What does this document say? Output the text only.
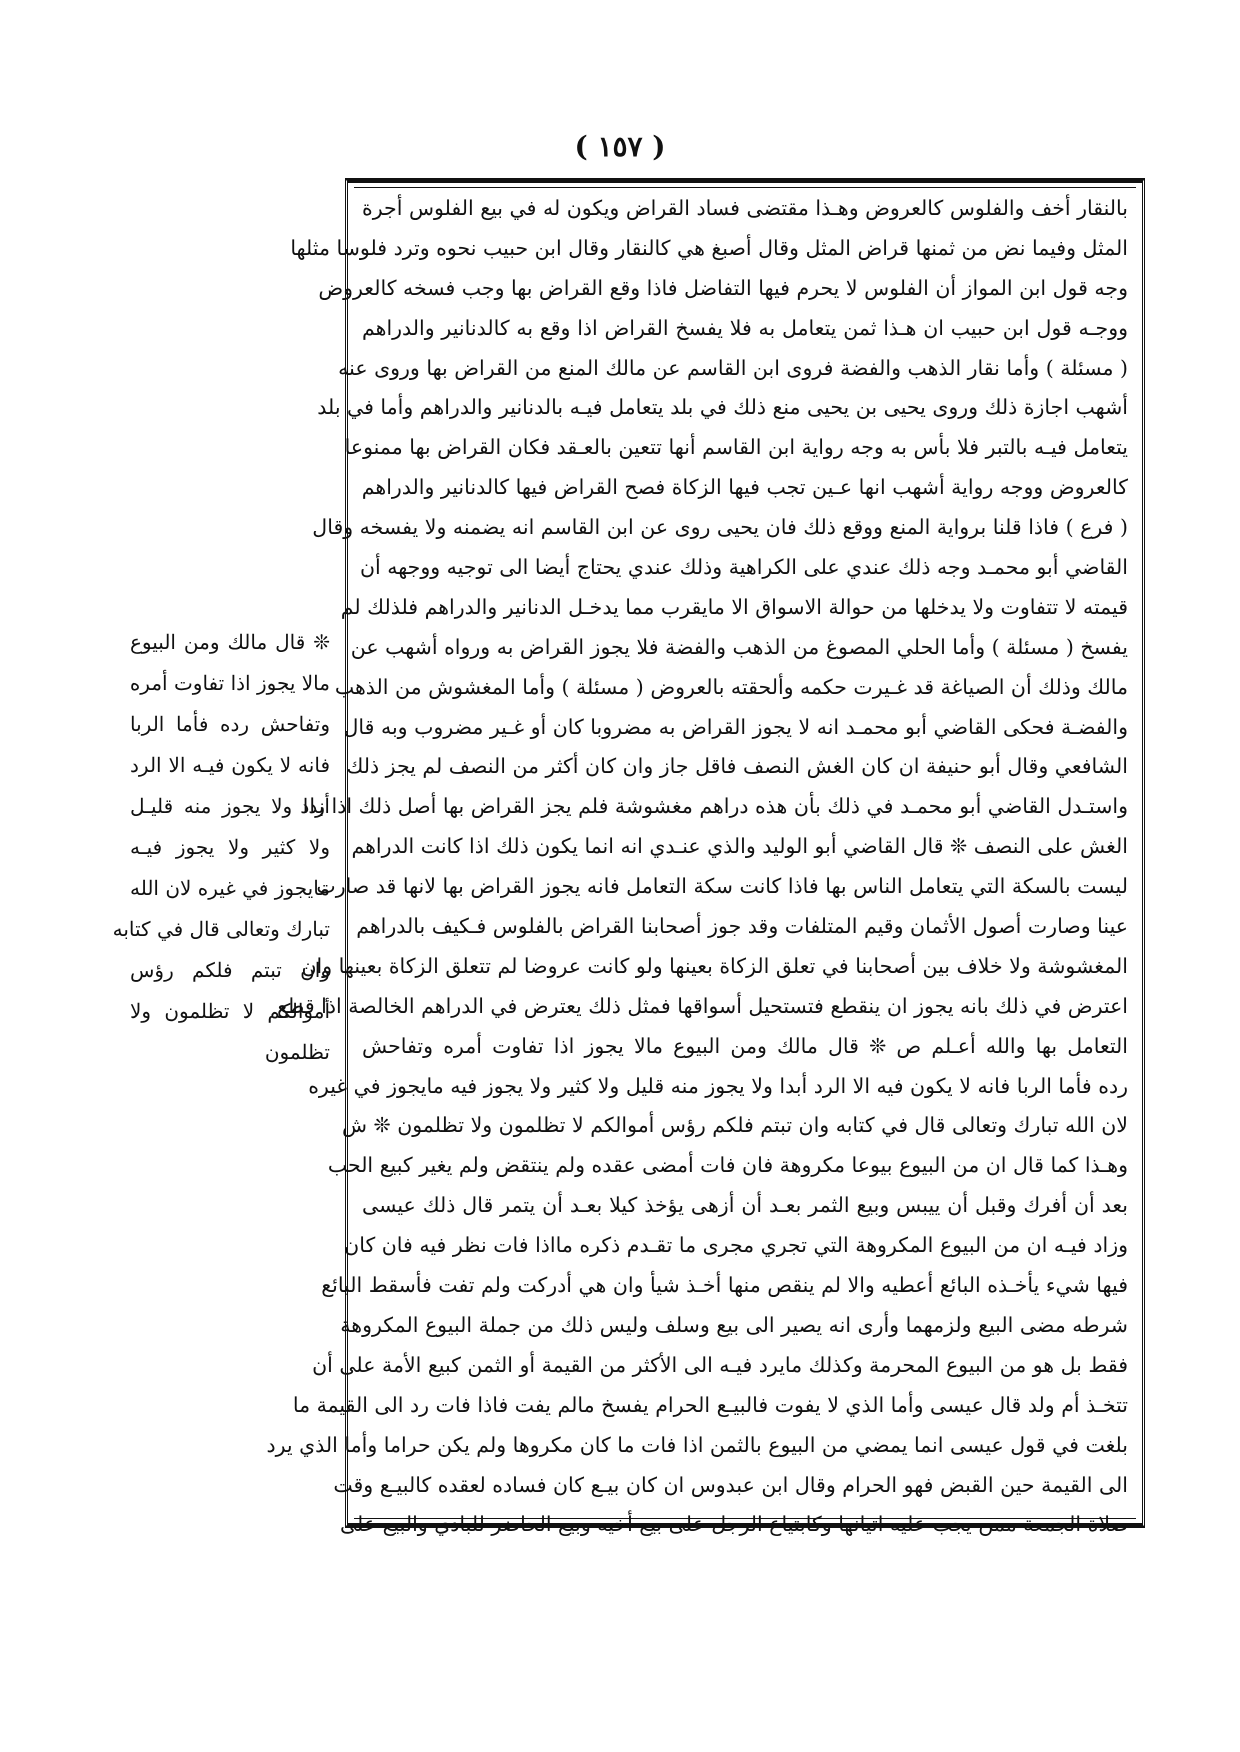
( ١٥٧ )
بالنقار أخف والفلوس كالعروض وهـذا مقتضى فساد القراض ويكون له في بيع الفلوس أجرة
المثل وفيما نض من ثمنها قراض المثل وقال أصبغ هي كالنقار وقال ابن حبيب نحوه وترد فلوسا مثلها
وجه قول ابن المواز أن الفلوس لا يحرم فيها التفاضل فاذا وقع القراض بها وجب فسخه كالعروض
ووجـه قول ابن حبيب ان هـذا ثمن يتعامل به فلا يفسخ القراض اذا وقع به كالدنانير والدراهم
( مسئلة ) وأما نقار الذهب والفضة فروى ابن القاسم عن مالك المنع من القراض بها وروى عنه
أشهب اجازة ذلك وروى يحيى بن يحيى منع ذلك في بلد يتعامل فيـه بالدنانير والدراهم وأما في بلد
يتعامل فيـه بالتبر فلا بأس به وجه رواية ابن القاسم أنها تتعين بالعـقد فكان القراض بها ممنوعا
كالعروض ووجه رواية أشهب انها عـين تجب فيها الزكاة فصح القراض فيها كالدنانير والدراهم
( فرع ) فاذا قلنا برواية المنع ووقع ذلك فان يحيى روى عن ابن القاسم انه يضمنه ولا يفسخه وقال
القاضي أبو محمـد وجه ذلك عندي على الكراهية وذلك عندي يحتاج أيضا الى توجيه ووجهه أن
قيمته لا تتفاوت ولا يدخلها من حوالة الاسواق الا مايقرب مما يدخـل الدنانير والدراهم فلذلك لم
يفسخ ( مسئلة ) وأما الحلي المصوغ من الذهب والفضة فلا يجوز القراض به ورواه أشهب عن
مالك وذلك أن الصياغة قد غـيرت حكمه وألحقته بالعروض ( مسئلة ) وأما المغشوش من الذهب
والفضـة فحكى القاضي أبو محمـد انه لا يجوز القراض به مضروبا كان أو غـير مضروب وبه قال
الشافعي وقال أبو حنيفة ان كان الغش النصف فاقل جاز وان كان أكثر من النصف لم يجز ذلك
واستـدل القاضي أبو محمـد في ذلك بأن هذه دراهم مغشوشة فلم يجز القراض بها أصل ذلك اذا زاد
الغش على النصف ❊ قال القاضي أبو الوليد والذي عنـدي انه انما يكون ذلك اذا كانت الدراهم
ليست بالسكة التي يتعامل الناس بها فاذا كانت سكة التعامل فانه يجوز القراض بها لانها قد صارت
عينا وصارت أصول الأثمان وقيم المتلفات وقد جوز أصحابنا القراض بالفلوس فـكيف بالدراهم
المغشوشة ولا خلاف بين أصحابنا في تعلق الزكاة بعينها ولو كانت عروضا لم تتعلق الزكاة بعينها وان
اعترض في ذلك بانه يجوز ان ينقطع فتستحيل أسواقها فمثل ذلك يعترض في الدراهم الخالصة اذا قطع
التعامل بها والله أعـلم ص ❊ قال مالك ومن البيوع مالا يجوز اذا تفاوت أمره وتفاحش
رده فأما الربا فانه لا يكون فيه الا الرد أبدا ولا يجوز منه قليل ولا كثير ولا يجوز فيه مايجوز في غيره
لان الله تبارك وتعالى قال في كتابه وان تبتم فلكم رؤس أموالكم لا تظلمون ولا تظلمون ❊ ش
وهـذا كما قال ان من البيوع بيوعا مكروهة فان فات أمضى عقده ولم ينتقض ولم يغير كبيع الحب
بعد أن أفرك وقبل أن ييبس وبيع الثمر بعـد أن أزهى يؤخذ كيلا بعـد أن يتمر قال ذلك عيسى
وزاد فيـه ان من البيوع المكروهة التي تجري مجرى ما تقـدم ذكره مااذا فات نظر فيه فان كان
فيها شيء يأخـذه البائع أعطيه والا لم ينقص منها أخـذ شيأ وان هي أدركت ولم تفت فأسقط البائع
شرطه مضى البيع ولزمهما وأرى انه يصير الى بيع وسلف وليس ذلك من جملة البيوع المكروهة
فقط بل هو من البيوع المحرمة وكذلك مايرد فيـه الى الأكثر من القيمة أو الثمن كبيع الأمة على أن
تتخـذ أم ولد قال عيسى وأما الذي لا يفوت فالبيـع الحرام يفسخ مالم يفت فاذا فات رد الى القيمة ما
بلغت في قول عيسى انما يمضي من البيوع بالثمن اذا فات ما كان مكروها ولم يكن حراما وأما الذي يرد
الى القيمة حين القبض فهو الحرام وقال ابن عبدوس ان كان بيـع كان فساده لعقده كالبيـع وقت
صلاة الجمعة ممن يجب عليه اتيانها وكابتياع الرجل على بيع أخيه وبيع الحاضر للبادي والبيع على
❊ قال مالك ومن البيوع
مالا يجوز اذا تفاوت أمره
وتفاحش رده فأما الربا
فانه لا يكون فيـه الا الرد
أبدا ولا يجوز منه قليـل
ولا كثير ولا يجوز فيـه
مايجوز في غيره لان الله
تبارك وتعالى قال في كتابه
وان تبتم فلكم رؤس
أموالكم لا تظلمون ولا
تظلمون
